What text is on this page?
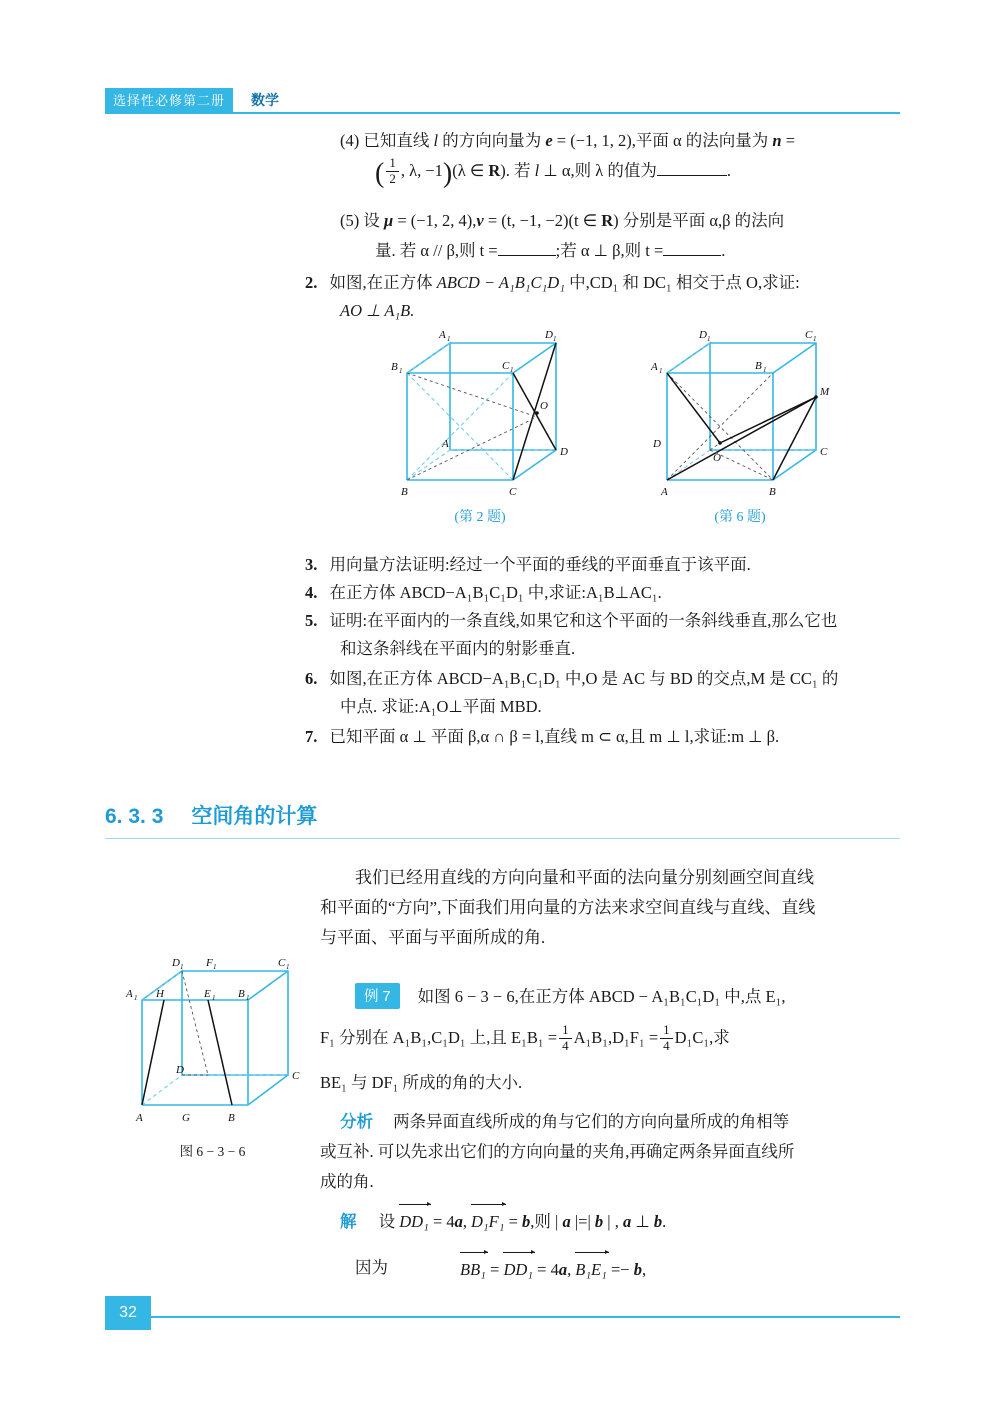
选择性必修第二册 数学
(4) 已知直线 l 的方向向量为 e = (−1, 1, 2),平面 α 的法向量为 n =
( $\frac{1}{2}$ , λ, −1)(λ ∈ R). 若 l ⊥ α,则 λ 的值为	.
(5) 设 μ = (−1, 2, 4),v = (t, −1, −2)(t ∈ R) 分别是平面 α,β 的法向
量. 若 α // β,则 t =	;若 α ⊥ β,则 t =	.
2. 如图,在正方体 ABCD − A₁B₁C₁D₁ 中,CD₁ 和 DC₁ 相交于点 O,求证:
AO ⊥ A₁B.
A 1	D 1
B 1	C 1
O
A
D
B	C
(第 2 题)
D 1	C 1
A 1	B 1
M
D
C
O
A	B
(第 6 题)
3. 用向量方法证明:经过一个平面的垂线的平面垂直于该平面.
4. 在正方体 ABCD−A₁B₁C₁D₁ 中,求证:A₁B⊥AC₁.
5. 证明:在平面内的一条直线,如果它和这个平面的一条斜线垂直,那么它也
和这条斜线在平面内的射影垂直.
6. 如图,在正方体 ABCD−A₁B₁C₁D₁ 中,O 是 AC 与 BD 的交点,M 是 CC₁ 的
中点. 求证:A₁O⊥平面 MBD.
7. 已知平面 α ⊥ 平面 β,α ∩ β = l,直线 m ⊂ α,且 m ⊥ l,求证:m ⊥ β.
6. 3. 3 空间角的计算
我们已经用直线的方向向量和平面的法向量分别刻画空间直线
和平面的“方向”,下面我们用向量的方法来求空间直线与直线、直线
与平面、平面与平面所成的角.
D 1 F 1	C 1
A 1 H	E 1 B 1
D	C
A	G	B
图 6 − 3 − 6
例 7 如图 6 − 3 − 6,在正方体 ABCD − A₁B₁C₁D₁ 中,点 E₁,
F₁ 分别在 A₁B₁,C₁D₁ 上,且 $E_1B_1 = \frac{1}{4} A_1B_1,D_1F_1 = \frac{1}{4} D_1C_1$,求
BE₁ 与 DF₁ 所成的角的大小.
分析 两条异面直线所成的角与它们的方向向量所成的角相等
或互补. 可以先求出它们的方向向量的夹角,再确定两条异面直线所
成的角.
解 设 DD₁ = 4a, D₁F₁ = b,则 | a |=| b | , a ⊥ b.
因为	BB₁ = DD₁ = 4a, B₁E₁ =− b,
32
